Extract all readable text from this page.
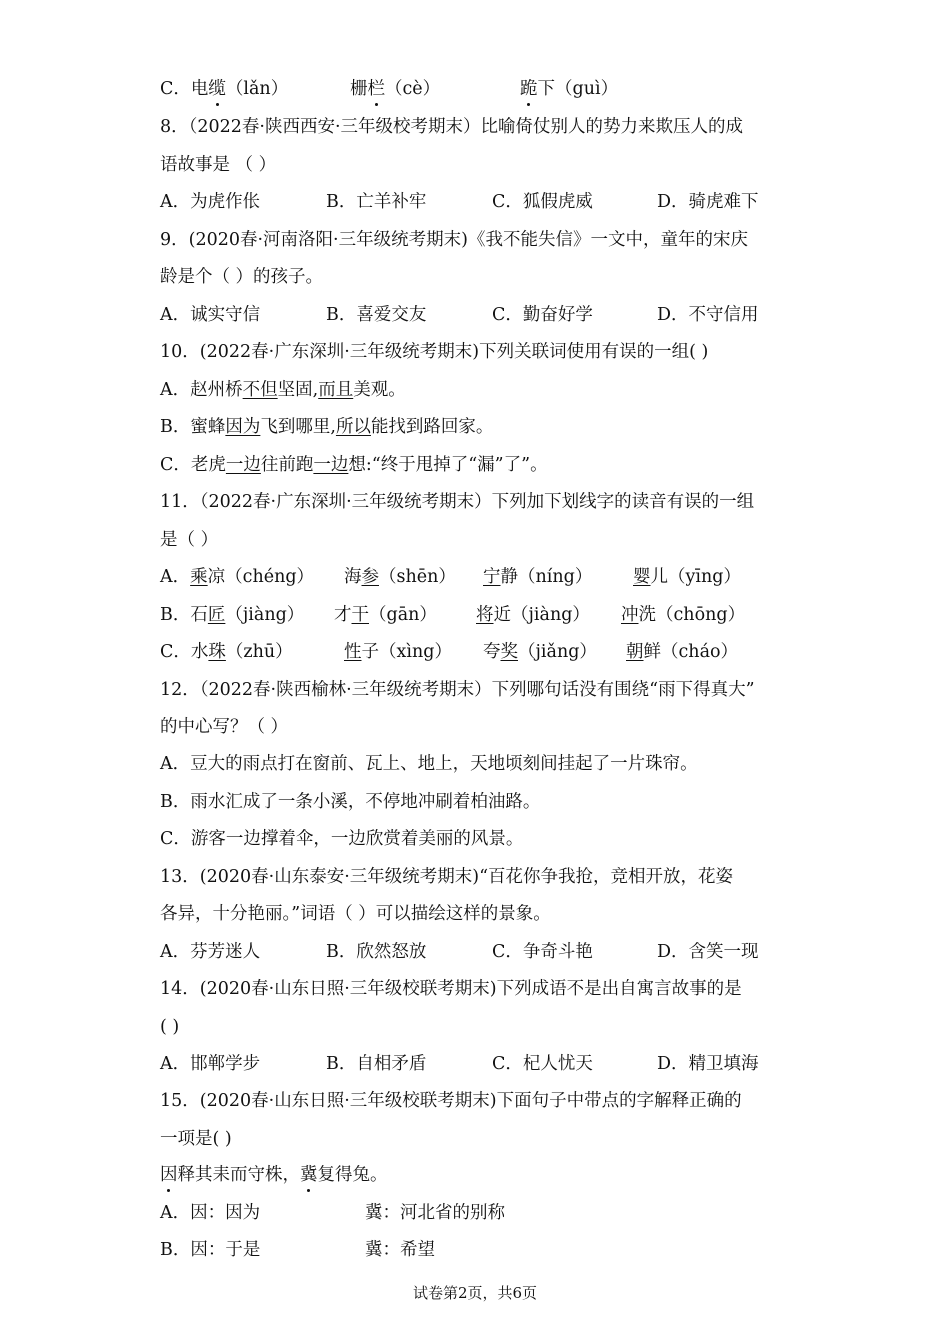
C．电缆（lǎn）	栅栏（cè）	跪下（guì）
8．（2022春·陕西西安·三年级校考期末）比喻倚仗别人的势力来欺压人的成
语故事是 （ ）
A．为虎作伥	B．亡羊补牢	C．狐假虎威	D．骑虎难下
9．(2020春·河南洛阳·三年级统考期末)《我不能失信》一文中，童年的宋庆
龄是个（ ）的孩子。
A．诚实守信	B．喜爱交友	C．勤奋好学	D．不守信用
10．(2022春·广东深圳·三年级统考期末)下列关联词使用有误的一组( )
A．赵州桥不但坚固,而且美观。
B．蜜蜂因为飞到哪里,所以能找到路回家。
C．老虎一边往前跑一边想:“终于甩掉了“漏”了”。
11．（2022春·广东深圳·三年级统考期末）下列加下划线字的读音有误的一组
是（ ）
A．乘凉（chéng） 海参（shēn） 宁静（níng） 婴儿（yīng）
B．石匠（jiàng） 才干（gān） 将近（jiàng） 冲洗（chōng）
C．水珠（zhū）	性子（xìng） 夸奖（jiǎng） 朝鲜（cháo）
12．（2022春·陕西榆林·三年级统考期末）下列哪句话没有围绕“雨下得真大”
的中心写？（ ）
A．豆大的雨点打在窗前、瓦上、地上，天地顷刻间挂起了一片珠帘。
B．雨水汇成了一条小溪，不停地冲刷着柏油路。
C．游客一边撑着伞，一边欣赏着美丽的风景。
13．(2020春·山东泰安·三年级统考期末)“百花你争我抢，竞相开放，花姿
各异，十分艳丽。”词语（ ）可以描绘这样的景象。
A．芬芳迷人	B．欣然怒放	C．争奇斗艳	D．含笑一现
14．(2020春·山东日照·三年级校联考期末)下列成语不是出自寓言故事的是
( )
A．邯郸学步	B．自相矛盾	C．杞人忧天	D．精卫填海
15．(2020春·山东日照·三年级校联考期末)下面句子中带点的字解释正确的
一项是( )
因释其耒而守株，冀复得兔。
A．因：因为	冀：河北省的别称
B．因：于是	冀：希望
试卷第2页，共6页
